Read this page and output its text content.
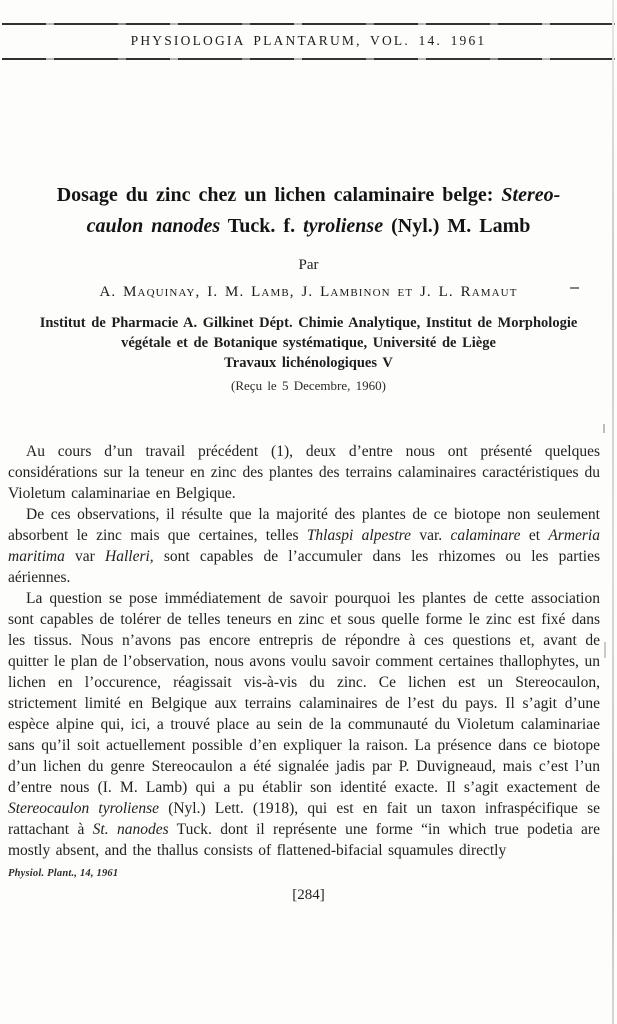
PHYSIOLOGIA PLANTARUM, VOL. 14. 1961
Dosage du zinc chez un lichen calaminaire belge: Stereo-
caulon nanodes Tuck. f. tyroliense (Nyl.) M. Lamb
Par
A. Maquinay, I. M. Lamb, J. Lambinon et J. L. Ramaut
Institut de Pharmacie A. Gilkinet Dépt. Chimie Analytique, Institut de Morphologie
végétale et de Botanique systématique, Université de Liège
Travaux lichénologiques V
(Reçu le 5 Decembre, 1960)

Au cours d’un travail précédent (1), deux d’entre nous ont présenté quelques considérations sur la teneur en zinc des plantes des terrains calaminaires caractéristiques du Violetum calaminariae en Belgique.

De ces observations, il résulte que la majorité des plantes de ce biotope non seulement absorbent le zinc mais que certaines, telles Thlaspi alpestre var. calaminare et Armeria maritima var Halleri, sont capables de l’accumuler dans les rhizomes ou les parties aériennes.

La question se pose immédiatement de savoir pourquoi les plantes de cette association sont capables de tolérer de telles teneurs en zinc et sous quelle forme le zinc est fixé dans les tissus. Nous n’avons pas encore entrepris de répondre à ces questions et, avant de quitter le plan de l’observation, nous avons voulu savoir comment certaines thallophytes, un lichen en l’occurence, réagissait vis-à-vis du zinc. Ce lichen est un Stereocaulon, strictement limité en Belgique aux terrains calaminaires de l’est du pays. Il s’agit d’une espèce alpine qui, ici, a trouvé place au sein de la communauté du Violetum calaminariae sans qu’il soit actuellement possible d’en expliquer la raison. La présence dans ce biotope d’un lichen du genre Stereocaulon a été signalée jadis par P. Duvigneaud, mais c’est l’un d’entre nous (I. M. Lamb) qui a pu établir son identité exacte. Il s’agit exactement de Stereocaulon tyroliense (Nyl.) Lett. (1918), qui est en fait un taxon infraspécifique se rattachant à St. nanodes Tuck. dont il représente une forme “in which true podetia are mostly absent, and the thallus consists of flattened-bifacial squamules directly

Physiol. Plant., 14, 1961
[284]
